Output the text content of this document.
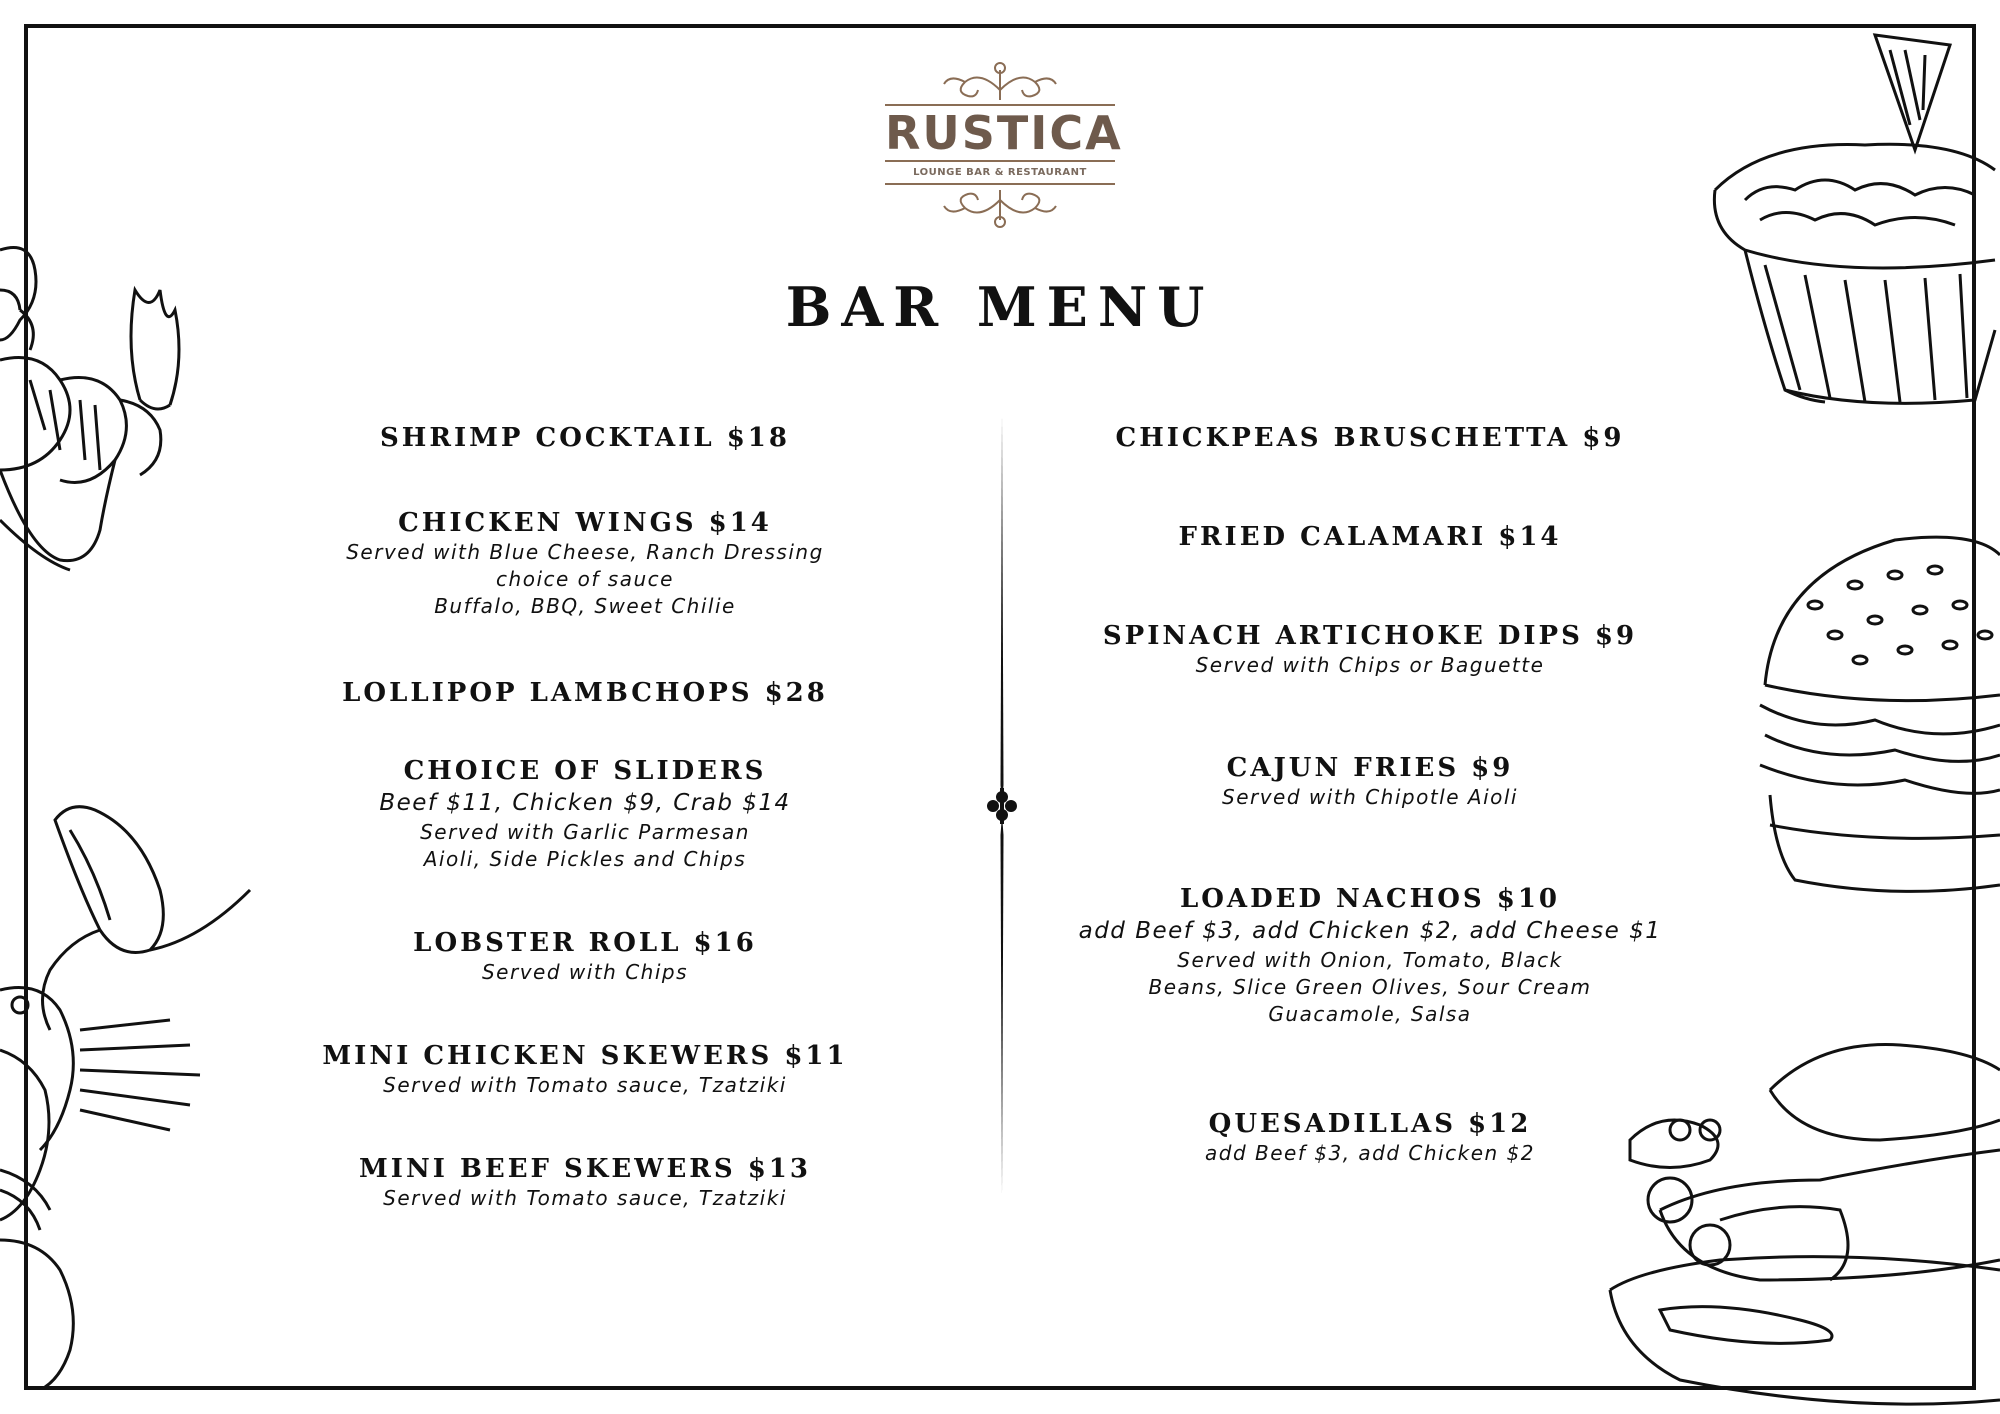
RUSTICA
LOUNGE BAR & RESTAURANT
BAR MENU
SHRIMP COCKTAIL $18
CHICKEN WINGS $14
Served with Blue Cheese, Ranch Dressing
choice of sauce
Buffalo, BBQ, Sweet Chilie
LOLLIPOP LAMBCHOPS $28
CHOICE OF SLIDERS
Beef $11, Chicken $9, Crab $14
Served with Garlic Parmesan
Aioli, Side Pickles and Chips
LOBSTER ROLL $16
Served with Chips
MINI CHICKEN SKEWERS $11
Served with Tomato sauce, Tzatziki
MINI BEEF SKEWERS $13
Served with Tomato sauce, Tzatziki
CHICKPEAS BRUSCHETTA $9
FRIED CALAMARI $14
SPINACH ARTICHOKE DIPS $9
Served with Chips or Baguette
CAJUN FRIES $9
Served with Chipotle Aioli
LOADED NACHOS $10
add Beef $3, add Chicken $2, add Cheese $1
Served with Onion, Tomato, Black
Beans, Slice Green Olives, Sour Cream
Guacamole, Salsa
QUESADILLAS $12
add Beef $3, add Chicken $2
